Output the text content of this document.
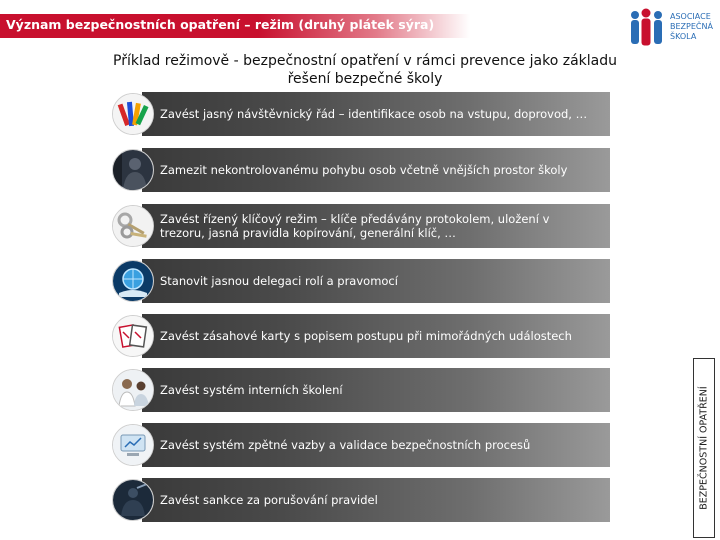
Význam bezpečnostních opatření – režim (druhý plátek sýra)
ASOCIACE
BEZPEČNÁ
ŠKOLA
Příklad režimově - bezpečnostní opatření v rámci prevence jako základu řešení bezpečné školy
Zavést jasný návštěvnický řád – identifikace osob na vstupu, doprovod, …
Zamezit nekontrolovanému pohybu osob včetně vnějších prostor školy
Zavést řízený klíčový režim – klíče předávány protokolem, uložení v trezoru, jasná pravidla kopírování, generální klíč, …
Stanovit jasnou delegaci rolí a pravomocí
Zavést zásahové karty s popisem postupu při mimořádných událostech
Zavést systém interních školení
Zavést systém zpětné vazby a validace bezpečnostních procesů
Zavést sankce za porušování pravidel	BEZPEČNOSTNÍ OPATŘENÍ
